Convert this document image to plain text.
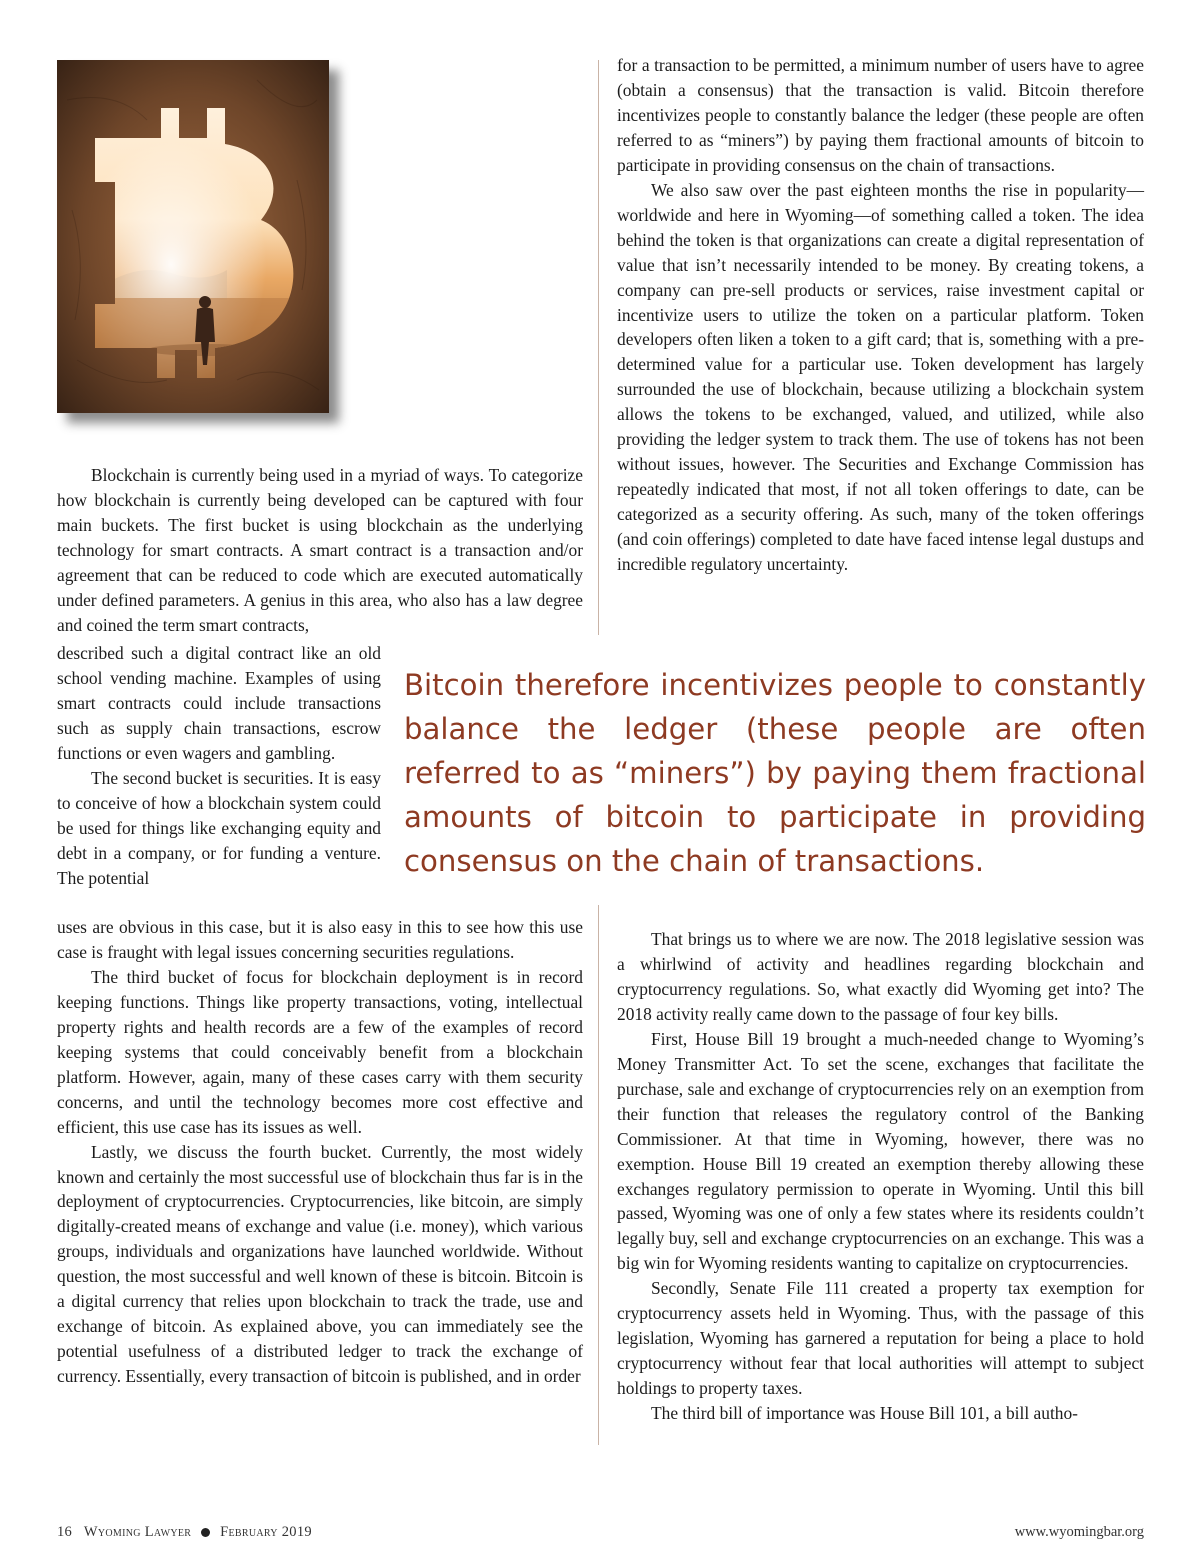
Blockchain is currently being used in a myriad of ways. To categorize how blockchain is currently being developed can be captured with four main buckets. The first bucket is using blockchain as the underlying technology for smart contracts. A smart contract is a transaction and/or agreement that can be reduced to code which are executed automatically under defined parameters. A genius in this area, who also has a law degree and coined the term smart contracts,

described such a digital contract like an old school vending machine. Examples of using smart contracts could include transactions such as supply chain transactions, escrow functions or even wagers and gambling.

The second bucket is securities. It is easy to conceive of how a blockchain system could be used for things like exchanging equity and debt in a company, or for funding a venture. The potential

uses are obvious in this case, but it is also easy in this to see how this use case is fraught with legal issues concerning securities regulations.

The third bucket of focus for blockchain deployment is in record keeping functions. Things like property transactions, voting, intellectual property rights and health records are a few of the examples of record keeping systems that could conceivably benefit from a blockchain platform. However, again, many of these cases carry with them security concerns, and until the technology becomes more cost effective and efficient, this use case has its issues as well.

Lastly, we discuss the fourth bucket. Currently, the most widely known and certainly the most successful use of blockchain thus far is in the deployment of cryptocurrencies. Cryptocurrencies, like bitcoin, are simply digitally-created means of exchange and value (i.e. money), which various groups, individuals and organizations have launched worldwide. Without question, the most successful and well known of these is bitcoin. Bitcoin is a digital currency that relies upon blockchain to track the trade, use and exchange of bitcoin. As explained above, you can immediately see the potential usefulness of a distributed ledger to track the exchange of currency. Essentially, every transaction of bitcoin is published, and in order

for a transaction to be permitted, a minimum number of users have to agree (obtain a consensus) that the transaction is valid. Bitcoin therefore incentivizes people to constantly balance the ledger (these people are often referred to as “miners”) by paying them fractional amounts of bitcoin to participate in providing consensus on the chain of transactions.

We also saw over the past eighteen months the rise in popularity—worldwide and here in Wyoming—of something called a token. The idea behind the token is that organizations can create a digital representation of value that isn’t necessarily intended to be money. By creating tokens, a company can pre-sell products or services, raise investment capital or incentivize users to utilize the token on a particular platform. Token developers often liken a token to a gift card; that is, something with a pre-determined value for a particular use. Token development has largely surrounded the use of blockchain, because utilizing a blockchain system allows the tokens to be exchanged, valued, and utilized, while also providing the ledger system to track them. The use of tokens has not been without issues, however. The Securities and Exchange Commission has repeatedly indicated that most, if not all token offerings to date, can be categorized as a security offering. As such, many of the token offerings (and coin offerings) completed to date have faced intense legal dustups and incredible regulatory uncertainty.

Bitcoin therefore incentivizes people to constantly balance the ledger (these people are often referred to as “miners”) by paying them fractional amounts of bitcoin to participate in providing consensus on the chain of transactions.

That brings us to where we are now. The 2018 legislative session was a whirlwind of activity and headlines regarding blockchain and cryptocurrency regulations. So, what exactly did Wyoming get into? The 2018 activity really came down to the passage of four key bills.

First, House Bill 19 brought a much-needed change to Wyoming’s Money Transmitter Act. To set the scene, exchanges that facilitate the purchase, sale and exchange of cryptocurrencies rely on an exemption from their function that releases the regulatory control of the Banking Commissioner. At that time in Wyoming, however, there was no exemption. House Bill 19 created an exemption thereby allowing these exchanges regulatory permission to operate in Wyoming. Until this bill passed, Wyoming was one of only a few states where its residents couldn’t legally buy, sell and exchange cryptocurrencies on an exchange. This was a big win for Wyoming residents wanting to capitalize on cryptocurrencies.

Secondly, Senate File 111 created a property tax exemption for cryptocurrency assets held in Wyoming. Thus, with the passage of this legislation, Wyoming has garnered a reputation for being a place to hold cryptocurrency without fear that local authorities will attempt to subject holdings to property taxes.

The third bill of importance was House Bill 101, a bill autho-

16 Wyoming Lawyer February 2019	www.wyomingbar.org
